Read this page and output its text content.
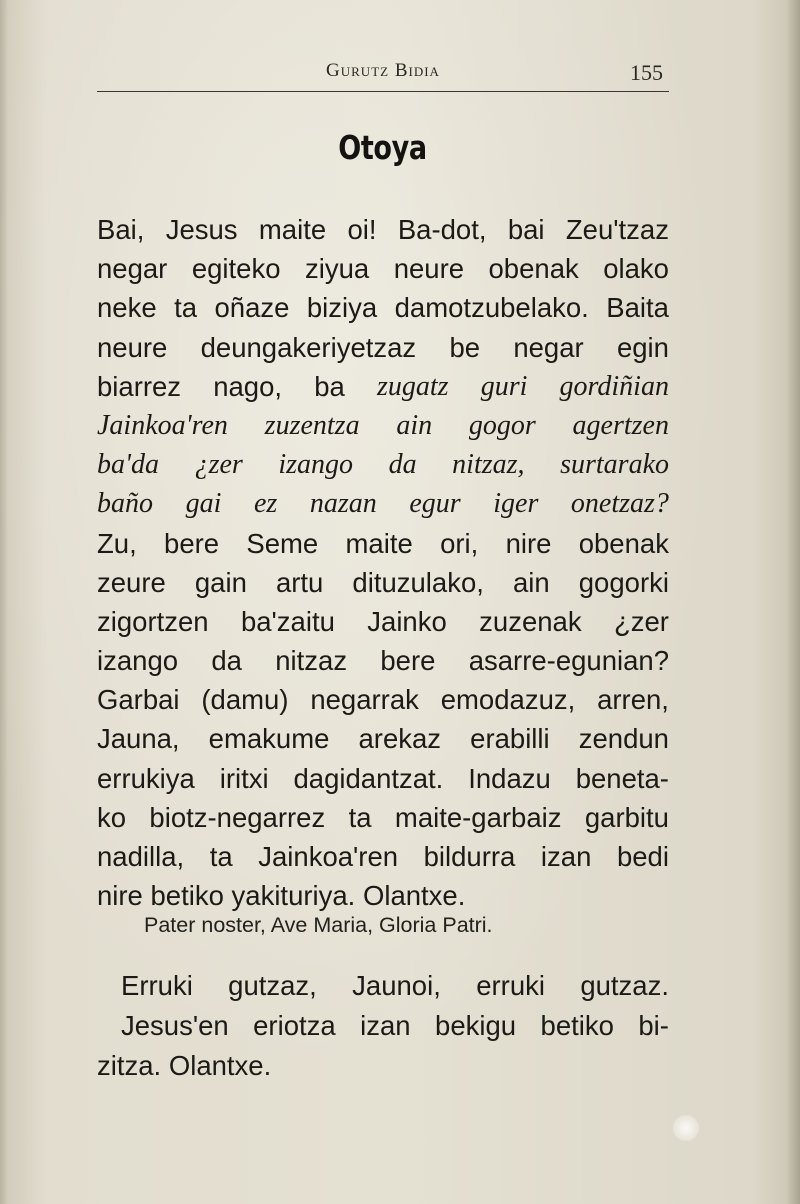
Gurutz Bidia	155
Otoya
Bai, Jesus maite oi! Ba-dot, bai Zeu'tzaz
negar egiteko ziyua neure obenak olako
neke ta oñaze biziya damotzubelako. Baita
neure deungakeriyetzaz be negar egin
biarrez nago, ba zugatz guri gordiñian
Jainkoa'ren zuzentza ain gogor agertzen
ba'da ¿zer izango da nitzaz, surtarako
baño gai ez nazan egur iger onetzaz?
Zu, bere Seme maite ori, nire obenak
zeure gain artu dituzulako, ain gogorki
zigortzen ba'zaitu Jainko zuzenak ¿zer
izango da nitzaz bere asarre-egunian?
Garbai (damu) negarrak emodazuz, arren,
Jauna, emakume arekaz erabilli zendun
errukiya iritxi dagidantzat. Indazu beneta-
ko biotz-negarrez ta maite-garbaiz garbitu
nadilla, ta Jainkoa'ren bildurra izan bedi
nire betiko yakituriya. Olantxe.
Pater noster, Ave Maria, Gloria Patri.
Erruki gutzaz, Jaunoi, erruki gutzaz.
Jesus'en eriotza izan bekigu betiko bi-
zitza. Olantxe.
